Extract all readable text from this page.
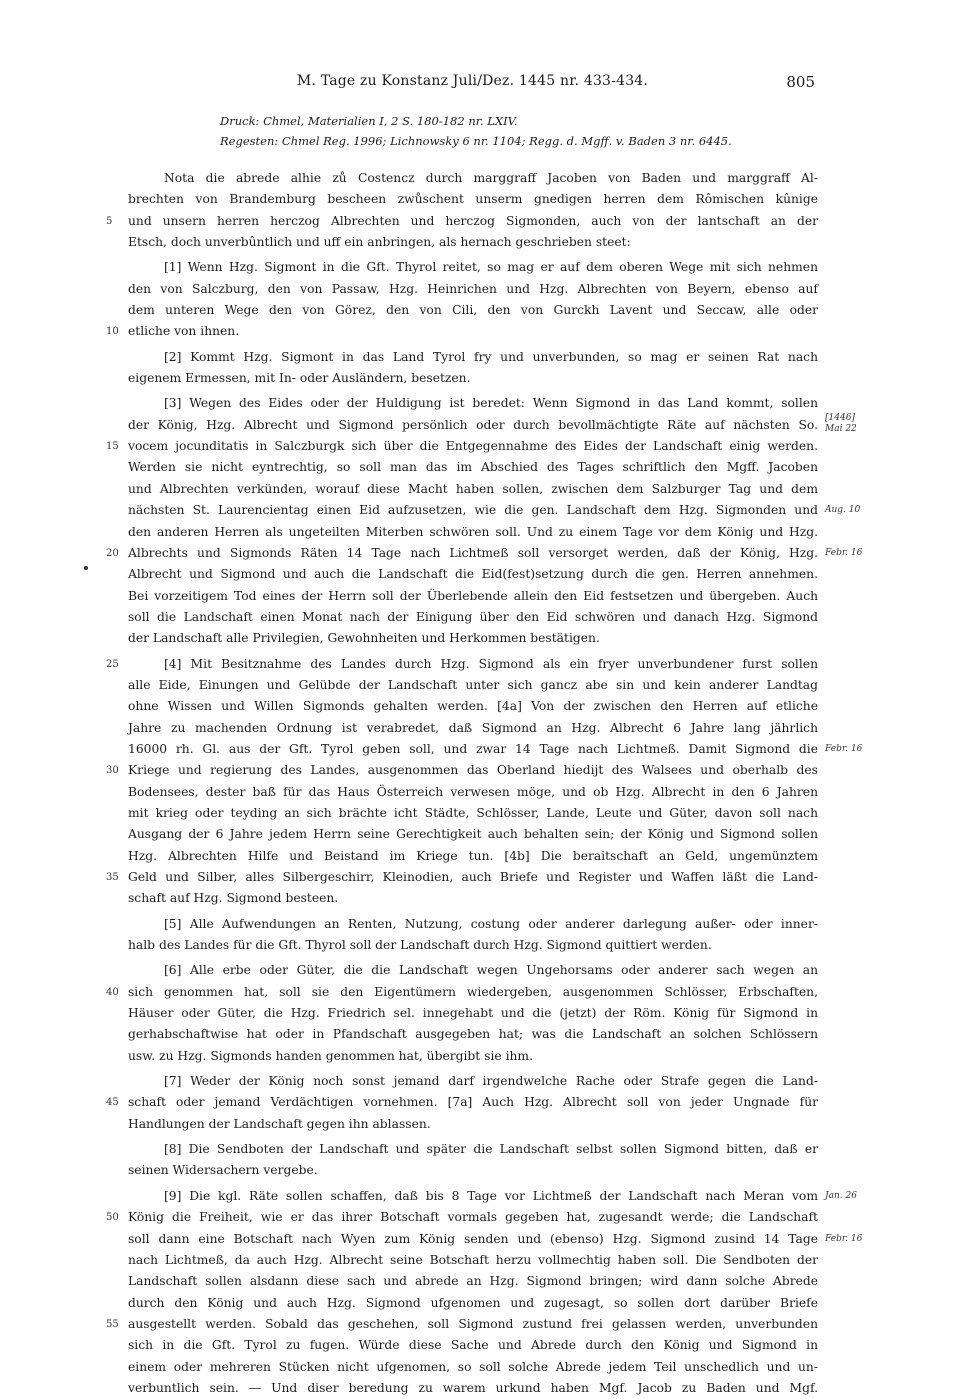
M. Tage zu Konstanz Juli/Dez. 1445 nr. 433-434.	805
Druck: Chmel, Materialien I, 2 S. 180-182 nr. LXIV.
Regesten: Chmel Reg. 1996; Lichnowsky 6 nr. 1104; Regg. d. Mgff. v. Baden 3 nr. 6445.
Nota die abrede alhie zů Costencz durch marggraff Jacoben von Baden und marggraff Al-
brechten von Brandemburg bescheen zwůschent unserm gnedigen herren dem Rômischen kûnige
5 und unsern herren herczog Albrechten und herczog Sigmonden, auch von der lantschaft an der
Etsch, doch unverbûntlich und uff ein anbringen, als hernach geschrieben steet:
[1] Wenn Hzg. Sigmont in die Gft. Thyrol reitet, so mag er auf dem oberen Wege mit sich nehmen
den von Salczburg, den von Passaw, Hzg. Heinrichen und Hzg. Albrechten von Beyern, ebenso auf
dem unteren Wege den von Görez, den von Cili, den von Gurckh Lavent und Seccaw, alle oder
10 etliche von ihnen.
[2] Kommt Hzg. Sigmont in das Land Tyrol fry und unverbunden, so mag er seinen Rat nach
eigenem Ermessen, mit In- oder Ausländern, besetzen.
[3] Wegen des Eides oder der Huldigung ist beredet: Wenn Sigmond in das Land kommt, sollen
der König, Hzg. Albrecht und Sigmond persönlich oder durch bevollmächtigte Räte auf nächsten So. [1446]
Mai 22
15 vocem jocunditatis in Salczburgk sich über die Entgegennahme des Eides der Landschaft einig werden.
Werden sie nicht eyntrechtig, so soll man das im Abschied des Tages schriftlich den Mgff. Jacoben
und Albrechten verkünden, worauf diese Macht haben sollen, zwischen dem Salzburger Tag und dem
nächsten St. Laurencientag einen Eid aufzusetzen, wie die gen. Landschaft dem Hzg. Sigmonden und Aug. 10
den anderen Herren als ungeteilten Miterben schwören soll. Und zu einem Tage vor dem König und Hzg.
20 Albrechts und Sigmonds Räten 14 Tage nach Lichtmeß soll versorget werden, daß der König, Hzg. Febr. 16
Albrecht und Sigmond und auch die Landschaft die Eid(fest)setzung durch die gen. Herren annehmen.
Bei vorzeitigem Tod eines der Herrn soll der Überlebende allein den Eid festsetzen und übergeben. Auch
soll die Landschaft einen Monat nach der Einigung über den Eid schwören und danach Hzg. Sigmond
der Landschaft alle Privilegien, Gewohnheiten und Herkommen bestätigen.
25	[4] Mit Besitznahme des Landes durch Hzg. Sigmond als ein fryer unverbundener furst sollen
alle Eide, Einungen und Gelübde der Landschaft unter sich gancz abe sin und kein anderer Landtag
ohne Wissen und Willen Sigmonds gehalten werden. [4a] Von der zwischen den Herren auf etliche
Jahre zu machenden Ordnung ist verabredet, daß Sigmond an Hzg. Albrecht 6 Jahre lang jährlich
16000 rh. Gl. aus der Gft. Tyrol geben soll, und zwar 14 Tage nach Lichtmeß. Damit Sigmond die Febr. 16
30 Kriege und regierung des Landes, ausgenommen das Oberland hiedijt des Walsees und oberhalb des
Bodensees, dester baß für das Haus Österreich verwesen möge, und ob Hzg. Albrecht in den 6 Jahren
mit krieg oder teyding an sich brächte icht Städte, Schlösser, Lande, Leute und Güter, davon soll nach
Ausgang der 6 Jahre jedem Herrn seine Gerechtigkeit auch behalten sein; der König und Sigmond sollen
Hzg. Albrechten Hilfe und Beistand im Kriege tun. [4b] Die beraitschaft an Geld, ungemünztem
35 Geld und Silber, alles Silbergeschirr, Kleinodien, auch Briefe und Register und Waffen läßt die Land-
schaft auf Hzg. Sigmond besteen.
[5] Alle Aufwendungen an Renten, Nutzung, costung oder anderer darlegung außer- oder inner-
halb des Landes für die Gft. Thyrol soll der Landschaft durch Hzg. Sigmond quittiert werden.
[6] Alle erbe oder Güter, die die Landschaft wegen Ungehorsams oder anderer sach wegen an
40 sich genommen hat, soll sie den Eigentümern wiedergeben, ausgenommen Schlösser, Erbschaften,
Häuser oder Güter, die Hzg. Friedrich sel. innegehabt und die (jetzt) der Röm. König für Sigmond in
gerhabschaftwise hat oder in Pfandschaft ausgegeben hat; was die Landschaft an solchen Schlössern
usw. zu Hzg. Sigmonds handen genommen hat, übergibt sie ihm.
[7] Weder der König noch sonst jemand darf irgendwelche Rache oder Strafe gegen die Land-
45 schaft oder jemand Verdächtigen vornehmen. [7a] Auch Hzg. Albrecht soll von jeder Ungnade für
Handlungen der Landschaft gegen ihn ablassen.
[8] Die Sendboten der Landschaft und später die Landschaft selbst sollen Sigmond bitten, daß er
seinen Widersachern vergebe.
[9] Die kgl. Räte sollen schaffen, daß bis 8 Tage vor Lichtmeß der Landschaft nach Meran vom Jan. 26
50 König die Freiheit, wie er das ihrer Botschaft vormals gegeben hat, zugesandt werde; die Landschaft
soll dann eine Botschaft nach Wyen zum König senden und (ebenso) Hzg. Sigmond zusind 14 Tage Febr. 16
nach Lichtmeß, da auch Hzg. Albrecht seine Botschaft herzu vollmechtig haben soll. Die Sendboten der
Landschaft sollen alsdann diese sach und abrede an Hzg. Sigmond bringen; wird dann solche Abrede
durch den König und auch Hzg. Sigmond ufgenomen und zugesagt, so sollen dort darüber Briefe
55 ausgestellt werden. Sobald das geschehen, soll Sigmond zustund frei gelassen werden, unverbunden
sich in die Gft. Tyrol zu fugen. Würde diese Sache und Abrede durch den König und Sigmond in
einem oder mehreren Stücken nicht ufgenomen, so soll solche Abrede jedem Teil unschedlich und un-
verbuntlich sein. — Und diser beredung zu warem urkund haben Mgf. Jacob zu Baden und Mgf.
